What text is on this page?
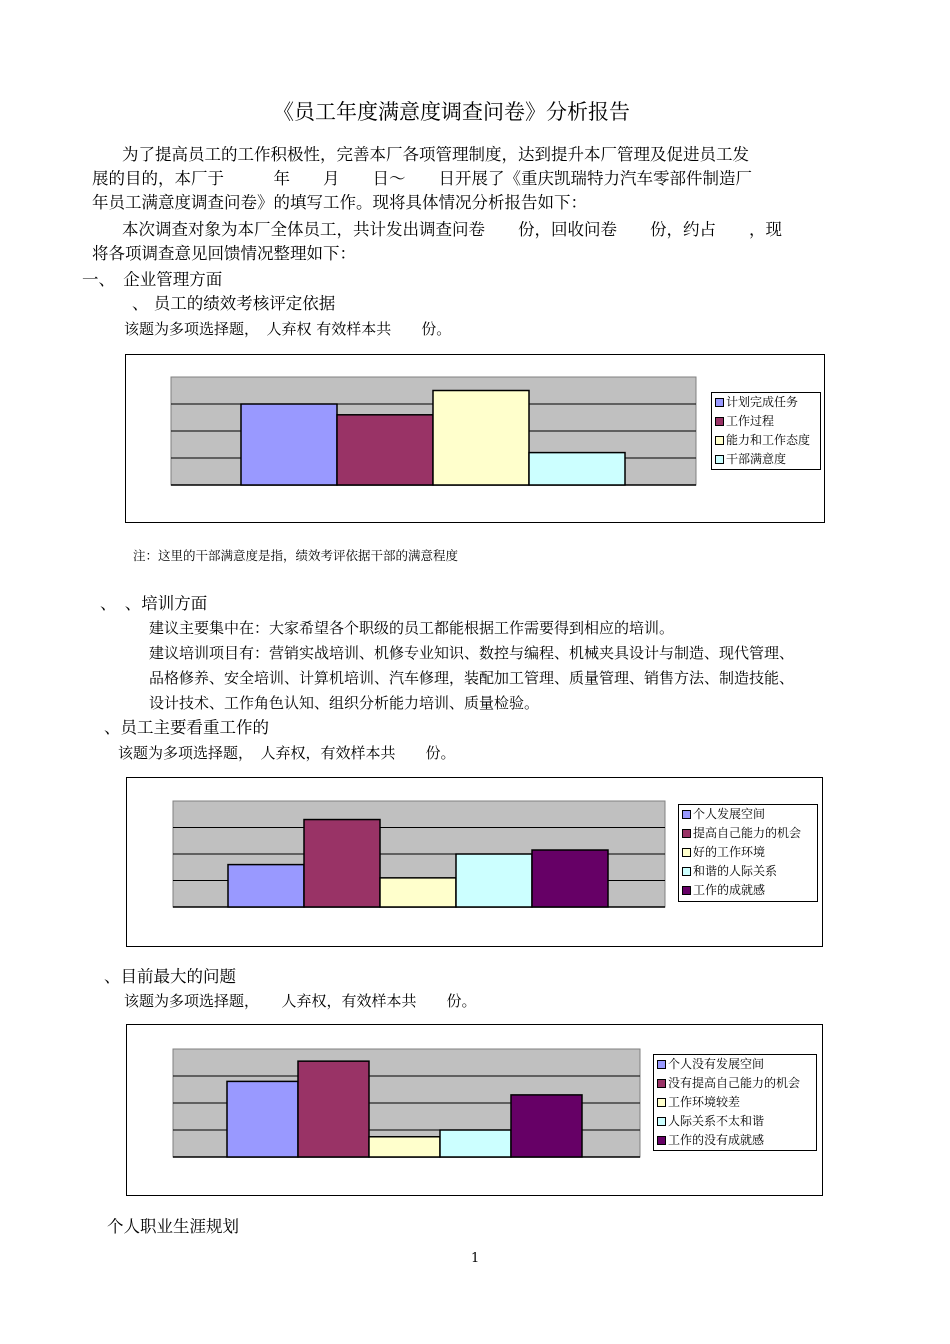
《员工年度满意度调查问卷》分析报告
为了提高员工的工作积极性，完善本厂各项管理制度，达到提升本厂管理及促进员工发
展的目的，本厂于　　　年　　月　　日～　　日开展了《重庆凯瑞特力汽车零部件制造厂
年员工满意度调查问卷》的填写工作。现将具体情况分析报告如下：
本次调查对象为本厂全体员工，共计发出调查问卷　　份，回收问卷　　份，约占　　，现
将各项调查意见回馈情况整理如下：
一、　企业管理方面
、 员工的绩效考核评定依据
该题为多项选择题，　人弃权 有效样本共　　份。
计划完成任务
工作过程
能力和工作态度
干部满意度
注：这里的干部满意度是指，绩效考评依据干部的满意程度
、　、培训方面
建议主要集中在：大家希望各个职级的员工都能根据工作需要得到相应的培训。
建议培训项目有：营销实战培训、机修专业知识、数控与编程、机械夹具设计与制造、现代管理、
品格修养、安全培训、计算机培训、汽车修理，装配加工管理、质量管理、销售方法、制造技能、
设计技术、工作角色认知、组织分析能力培训、质量检验。
、员工主要看重工作的
该题为多项选择题，　人弃权，有效样本共　　份。
个人发展空间
提高自己能力的机会
好的工作环境
和谐的人际关系
工作的成就感
、目前最大的问题
该题为多项选择题，　　人弃权，有效样本共　　份。
个人没有发展空间
没有提高自己能力的机会
工作环境较差
人际关系不太和谐
工作的没有成就感
个人职业生涯规划
1
